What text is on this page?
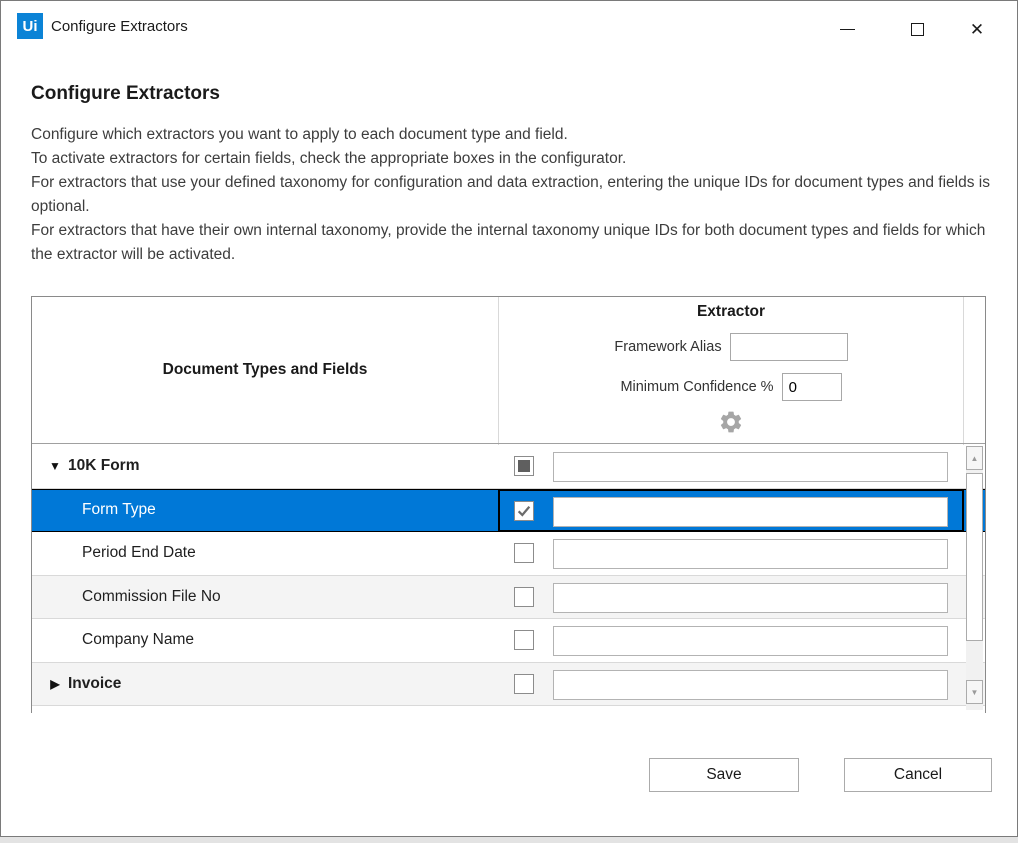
Ui Configure Extractors	✕
Configure Extractors
Configure which extractors you want to apply to each document type and field.
To activate extractors for certain fields, check the appropriate boxes in the configurator.
For extractors that use your defined taxonomy for configuration and data extraction, entering the unique IDs for document types and fields is optional.
For extractors that have their own internal taxonomy, provide the internal taxonomy unique IDs for both document types and fields for which the extractor will be activated.
Document Types and Fields
Extractor
Framework Alias
Minimum Confidence %
0
▼ 10K Form
Form Type
Period End Date
Commission File No
Company Name
▶ Invoice
▲
▼
Save	Cancel
